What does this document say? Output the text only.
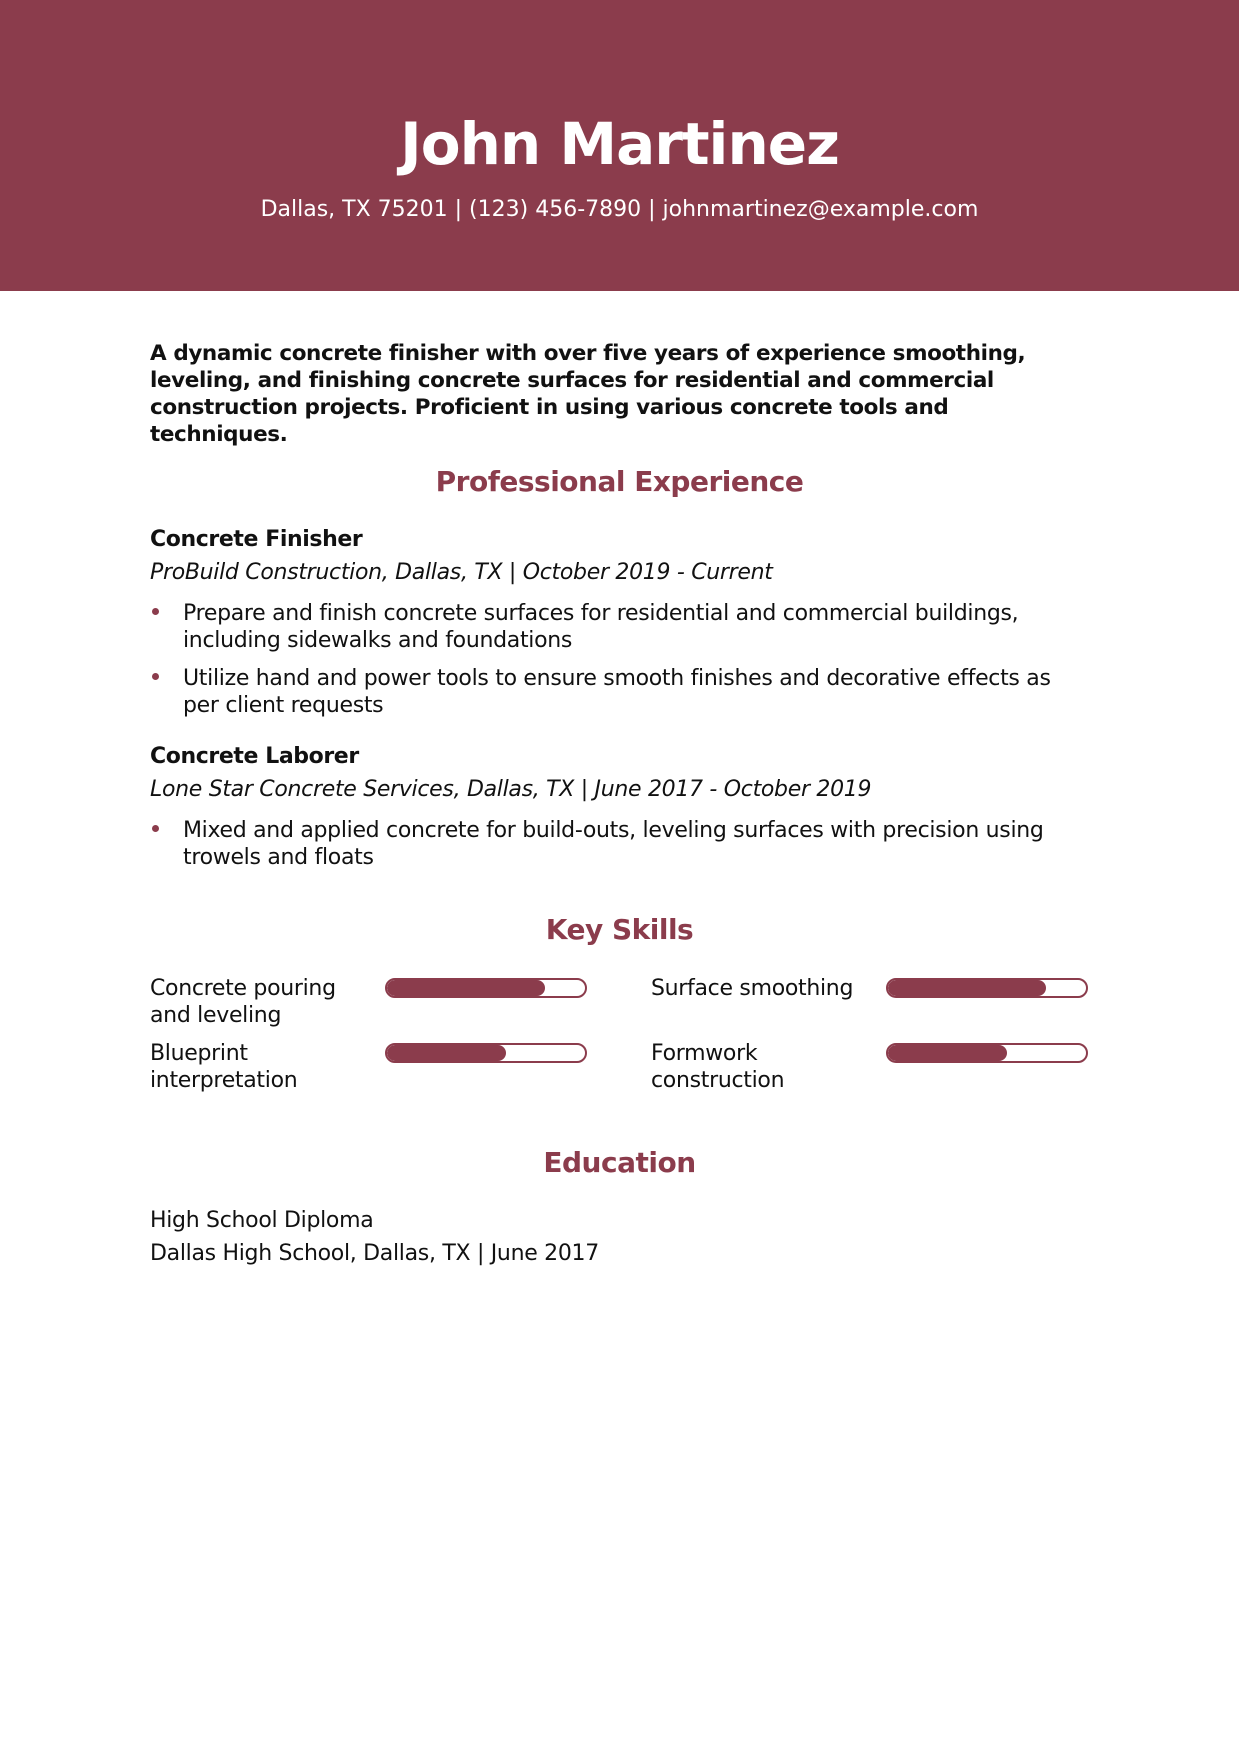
John Martinez
Dallas, TX 75201 | (123) 456-7890 | johnmartinez@example.com
A dynamic concrete finisher with over five years of experience smoothing, leveling, and finishing concrete surfaces for residential and commercial construction projects. Proficient in using various concrete tools and techniques.
Professional Experience
Concrete Finisher
ProBuild Construction, Dallas, TX | October 2019 - Current
Prepare and finish concrete surfaces for residential and commercial buildings, including sidewalks and foundations
Utilize hand and power tools to ensure smooth finishes and decorative effects as per client requests
Concrete Laborer
Lone Star Concrete Services, Dallas, TX | June 2017 - October 2019
Mixed and applied concrete for build-outs, leveling surfaces with precision using trowels and floats
Key Skills
Concrete pouring and leveling
Surface smoothing
Blueprint interpretation
Formwork construction
Education
High School Diploma
Dallas High School, Dallas, TX | June 2017
